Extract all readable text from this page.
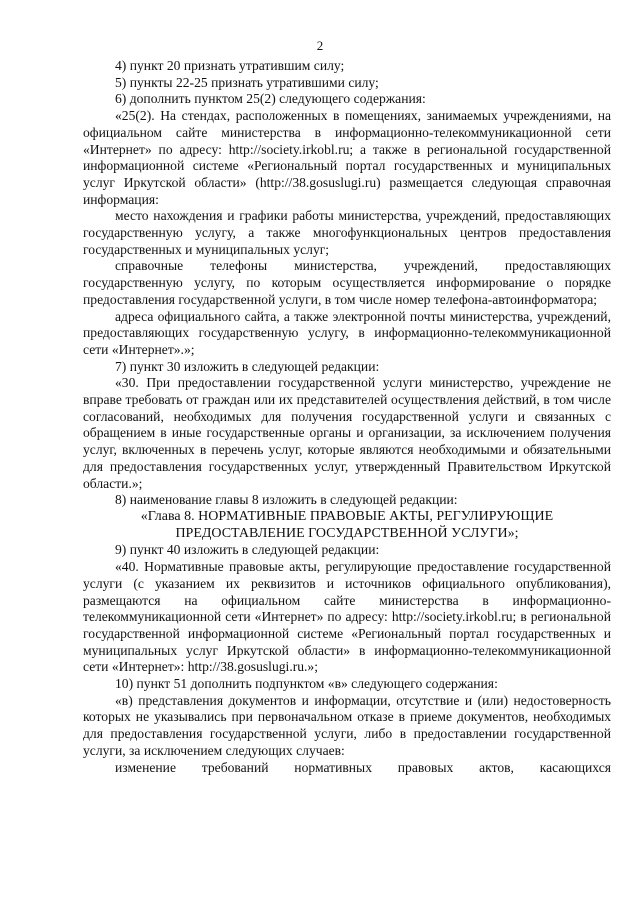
2

4) пункт 20 признать утратившим силу;

5) пункты 22-25 признать утратившими силу;

6) дополнить пунктом 25(2) следующего содержания:

«25(2). На стендах, расположенных в помещениях, занимаемых учреждениями, на официальном сайте министерства в информационно-телекоммуникационной сети «Интернет» по адресу: http://society.irkobl.ru; а также в региональной государственной информационной системе «Региональный портал государственных и муниципальных услуг Иркутской области» (http://38.gosuslugi.ru) размещается следующая справочная информация:

место нахождения и графики работы министерства, учреждений, предоставляющих государственную услугу, а также многофункциональных центров предоставления государственных и муниципальных услуг;

справочные телефоны министерства, учреждений, предоставляющих государственную услугу, по которым осуществляется информирование о порядке предоставления государственной услуги, в том числе номер телефона-автоинформатора;

адреса официального сайта, а также электронной почты министерства, учреждений, предоставляющих государственную услугу, в информационно-телекоммуникационной сети «Интернет».»;

7) пункт 30 изложить в следующей редакции:

«30. При предоставлении государственной услуги министерство, учреждение не вправе требовать от граждан или их представителей осуществления действий, в том числе согласований, необходимых для получения государственной услуги и связанных с обращением в иные государственные органы и организации, за исключением получения услуг, включенных в перечень услуг, которые являются необходимыми и обязательными для предоставления государственных услуг, утвержденный Правительством Иркутской области.»;

8) наименование главы 8 изложить в следующей редакции:

«Глава 8. НОРМАТИВНЫЕ ПРАВОВЫЕ АКТЫ, РЕГУЛИРУЮЩИЕ ПРЕДОСТАВЛЕНИЕ ГОСУДАРСТВЕННОЙ УСЛУГИ»;

9) пункт 40 изложить в следующей редакции:

«40. Нормативные правовые акты, регулирующие предоставление государственной услуги (с указанием их реквизитов и источников официального опубликования), размещаются на официальном сайте министерства в информационно-телекоммуникационной сети «Интернет» по адресу: http://society.irkobl.ru; в региональной государственной информационной системе «Региональный портал государственных и муниципальных услуг Иркутской области» в информационно-телекоммуникационной сети «Интернет»: http://38.gosuslugi.ru.»;

10) пункт 51 дополнить подпунктом «в» следующего содержания:

«в) представления документов и информации, отсутствие и (или) недостоверность которых не указывались при первоначальном отказе в приеме документов, необходимых для предоставления государственной услуги, либо в предоставлении государственной услуги, за исключением следующих случаев:

изменение требований нормативных правовых актов, касающихся
